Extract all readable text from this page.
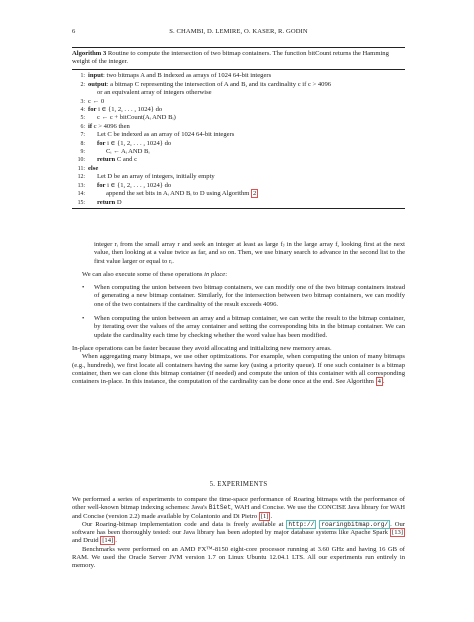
6	S. CHAMBI, D. LEMIRE, O. KASER, R. GODIN
Algorithm 3 Routine to compute the intersection of two bitmap containers. The function bitCount returns the Hamming weight of the integer.
1: input: two bitmaps A and B indexed as arrays of 1024 64-bit integers
2: output: a bitmap C representing the intersection of A and B, and its cardinality c if c > 4096
or an equivalent array of integers otherwise
3: c ← 0
4: for i ∈ {1, 2, . . . , 1024} do
5: c ← c + bitCount(Aᵢ AND Bᵢ)
6: if c > 4096 then
7: Let C be indexed as an array of 1024 64-bit integers
8: for i ∈ {1, 2, . . . , 1024} do
9:	Cᵢ ← Aᵢ AND Bᵢ
10: return C and c
11: else
12: Let D be an array of integers, initially empty
13: for i ∈ {1, 2, . . . , 1024} do
14:	append the set bits in Aᵢ AND Bᵢ to D using Algorithm 2
15: return D

integer rᵢ from the small array r and seek an integer at least as large fⱼ in the large array f, looking first at the next value, then looking at a value twice as far, and so on. Then, we use binary search to advance in the second list to the first value larger or equal to rᵢ.

We can also execute some of these operations in place:

• When computing the union between two bitmap containers, we can modify one of the two bitmap containers instead of generating a new bitmap container. Similarly, for the intersection between two bitmap containers, we can modify one of the two containers if the cardinality of the result exceeds 4096.
• When computing the union between an array and a bitmap container, we can write the result to the bitmap container, by iterating over the values of the array container and setting the corresponding bits in the bitmap container. We can update the cardinality each time by checking whether the word value has been modified.

In-place operations can be faster because they avoid allocating and initializing new memory areas.

When aggregating many bitmaps, we use other optimizations. For example, when computing the union of many bitmaps (e.g., hundreds), we first locate all containers having the same key (using a priority queue). If one such container is a bitmap container, then we can clone this bitmap container (if needed) and compute the union of this container with all corresponding containers in-place. In this instance, the computation of the cardinality can be done once at the end. See Algorithm 4 .

5. EXPERIMENTS

We performed a series of experiments to compare the time-space performance of Roaring bitmaps with the performance of other well-known bitmap indexing schemes: Java's BitSet, WAH and Concise. We use the CONCISE Java library for WAH and Concise (version 2.2) made available by Colantonio and Di Pietro [1] .

Our Roaring-bitmap implementation code and data is freely available at http:// roaringbitmap.org/ . Our software has been thoroughly tested: our Java library has been adopted by major database systems like Apache Spark [13] and Druid [14] .

Benchmarks were performed on an AMD FX™-8150 eight-core processor running at 3.60 GHz and having 16 GB of RAM. We used the Oracle Server JVM version 1.7 on Linux Ubuntu 12.04.1 LTS. All our experiments run entirely in memory.
